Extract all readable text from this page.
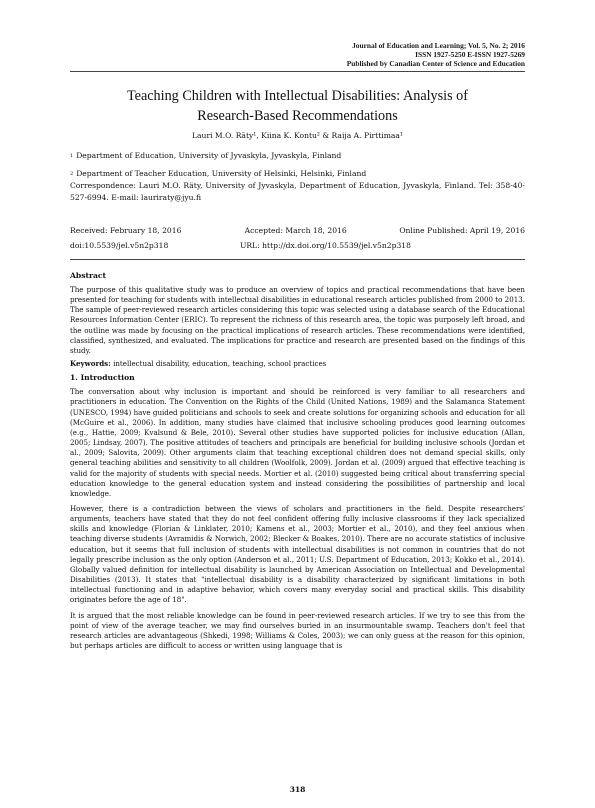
Journal of Education and Learning; Vol. 5, No. 2; 2016
ISSN 1927-5250 E-ISSN 1927-5269
Published by Canadian Center of Science and Education
Teaching Children with Intellectual Disabilities: Analysis of
Research-Based Recommendations
Lauri M.O. Rāty¹, Kiina K. Kontu² & Raija A. Pirttimaa¹
1 Department of Education, University of Jyvaskyla, Jyvaskyla, Finland
2 Department of Teacher Education, University of Helsinki, Helsinki, Finland
Correspondence: Lauri M.O. Räty, University of Jyvaskyla, Department of Education, Jyvaskyla, Finland. Tel: 358-40-527-6994. E-mail: lauriraty@jyu.fi
Received: February 18, 2016	Accepted: March 18, 2016	Online Published: April 19, 2016
doi:10.5539/jel.v5n2p318	URL: http://dx.doi.org/10.5539/jel.v5n2p318
Abstract
The purpose of this qualitative study was to produce an overview of topics and practical recommendations that have been presented for teaching for students with intellectual disabilities in educational research articles published from 2000 to 2013. The sample of peer-reviewed research articles considering this topic was selected using a database search of the Educational Resources Information Center (ERIC). To represent the richness of this research area, the topic was purposely left broad, and the outline was made by focusing on the practical implications of research articles. These recommendations were identified, classified, synthesized, and evaluated. The implications for practice and research are presented based on the findings of this study.
Keywords: intellectual disability, education, teaching, school practices
1. Introduction
The conversation about why inclusion is important and should be reinforced is very familiar to all researchers and practitioners in education. The Convention on the Rights of the Child (United Nations, 1989) and the Salamanca Statement (UNESCO, 1994) have guided politicians and schools to seek and create solutions for organizing schools and education for all (McGuire et al., 2006). In addition, many studies have claimed that inclusive schooling produces good learning outcomes (e.g., Hattie, 2009; Kvalsund & Bele, 2010). Several other studies have supported policies for inclusive education (Allan, 2005; Lindsay, 2007). The positive attitudes of teachers and principals are beneficial for building inclusive schools (Jordan et al., 2009; Salovita, 2009). Other arguments claim that teaching exceptional children does not demand special skills, only general teaching abilities and sensitivity to all children (Woolfolk, 2009). Jordan et al. (2009) argued that effective teaching is valid for the majority of students with special needs. Mortier et al. (2010) suggested being critical about transferring special education knowledge to the general education system and instead considering the possibilities of partnership and local knowledge.
However, there is a contradiction between the views of scholars and practitioners in the field. Despite researchers' arguments, teachers have stated that they do not feel confident offering fully inclusive classrooms if they lack specialized skills and knowledge (Florian & Linklater, 2010; Kamens et al., 2003; Mortier et al., 2010), and they feel anxious when teaching diverse students (Avramidis & Norwich, 2002; Blecker & Boakes, 2010). There are no accurate statistics of inclusive education, but it seems that full inclusion of students with intellectual disabilities is not common in countries that do not legally prescribe inclusion as the only option (Anderson et al., 2011; U.S. Department of Education, 2013; Kokko et al., 2014). Globally valued definition for intellectual disability is launched by American Association on Intellectual and Developmental Disabilities (2013). It states that "intellectual disability is a disability characterized by significant limitations in both intellectual functioning and in adaptive behavior, which covers many everyday social and practical skills. This disability originates before the age of 18".
It is argued that the most reliable knowledge can be found in peer-reviewed research articles. If we try to see this from the point of view of the average teacher, we may find ourselves buried in an insurmountable swamp. Teachers don't feel that research articles are advantageous (Shkedi, 1998; Williams & Coles, 2003); we can only guess at the reason for this opinion, but perhaps articles are difficult to access or written using language that is
318
